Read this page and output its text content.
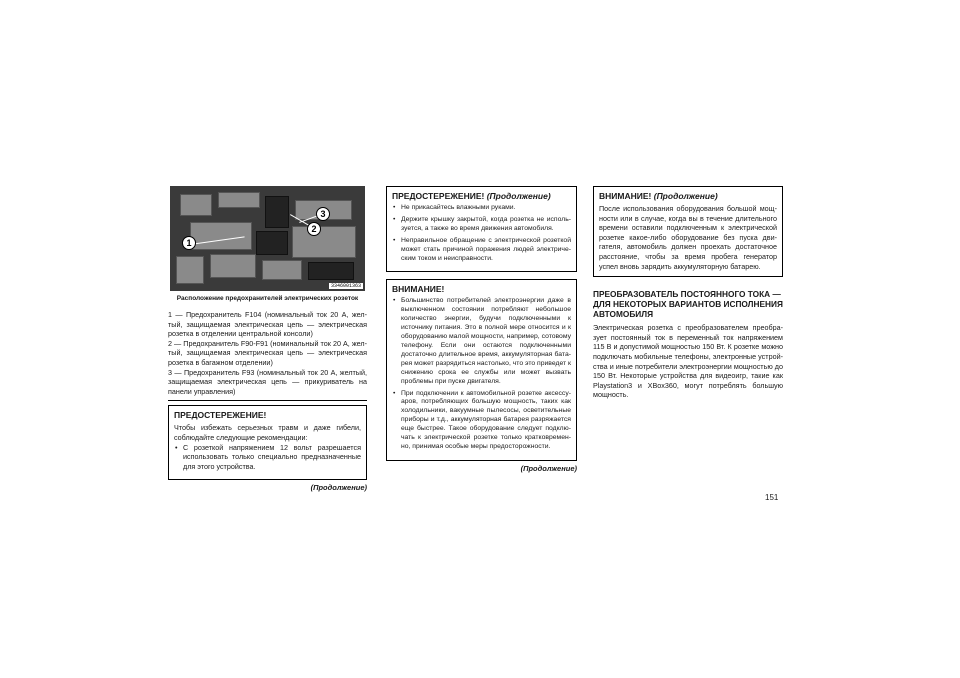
1
2
3
3346001363
Расположение предохранителей электрических розеток

1 — Предохранитель F104 (номинальный ток 20 А, желтый, защищаемая электрическая цепь — электрическая розетка в отделении центральной консоли)

2 — Предохранитель F90-F91 (номинальный ток 20 А, желтый, защищаемая электрическая цепь — электрическая розетка в багажном отделении)

3 — Предохранитель F93 (номинальный ток 20 А, желтый, защищаемая электрическая цепь — прикуриватель на панели управления)

ПРЕДОСТЕРЕЖЕНИЕ!

Чтобы избежать серьезных травм и даже гибели, соблюдайте следующие рекомендации:

• С розеткой напряжением 12 вольт разрешается использовать только специально предназначенные для этого устройства.
(Продолжение)
ПРЕДОСТЕРЕЖЕНИЕ! (Продолжение)
• Не прикасайтесь влажными руками.
• Держите крышку закрытой, когда розетка не используется, а также во время движения автомобиля.
• Неправильное обращение с электрической розеткой может стать причиной поражения людей электрическим током и неисправности.
ВНИМАНИЕ!
• Большинство потребителей электроэнергии даже в выключенном состоянии потребляют небольшое количество энергии, будучи подключенными к источнику питания. Это в полной мере относится и к оборудованию малой мощности, например, сотовому телефону. Если они остаются подключенными достаточно длительное время, аккумуляторная батарея может разрядиться настолько, что это приведет к снижению срока ее службы или может вызвать проблемы при пуске двигателя.
• При подключении к автомобильной розетке аксессуаров, потребляющих большую мощность, таких как холодильники, вакуумные пылесосы, осветительные приборы и т.д., аккумуляторная батарея разряжается еще быстрее. Такое оборудование следует подключать к электрической розетке только кратковременно, принимая особые меры предосторожности.
(Продолжение)
ВНИМАНИЕ! (Продолжение)

После использования оборудования большой мощности или в случае, когда вы в течение длительного времени оставили подключенным к электрической розетке какое-либо оборудование без пуска двигателя, автомобиль должен проехать достаточное расстояние, чтобы за время пробега генератор успел вновь зарядить аккумуляторную батарею.

ПРЕОБРАЗОВАТЕЛЬ ПОСТОЯННОГО ТОКА — ДЛЯ НЕКОТОРЫХ ВАРИАНТОВ ИСПОЛНЕНИЯ АВТОМОБИЛЯ

Электрическая розетка с преобразователем преобразует постоянный ток в переменный ток напряжением 115 В и допустимой мощностью 150 Вт. К розетке можно подключать мобильные телефоны, электронные устройства и иные потребители электроэнергии мощностью до 150 Вт. Некоторые устройства для видеоигр, такие как Playstation3 и XBox360, могут потреблять большую мощность.

151
